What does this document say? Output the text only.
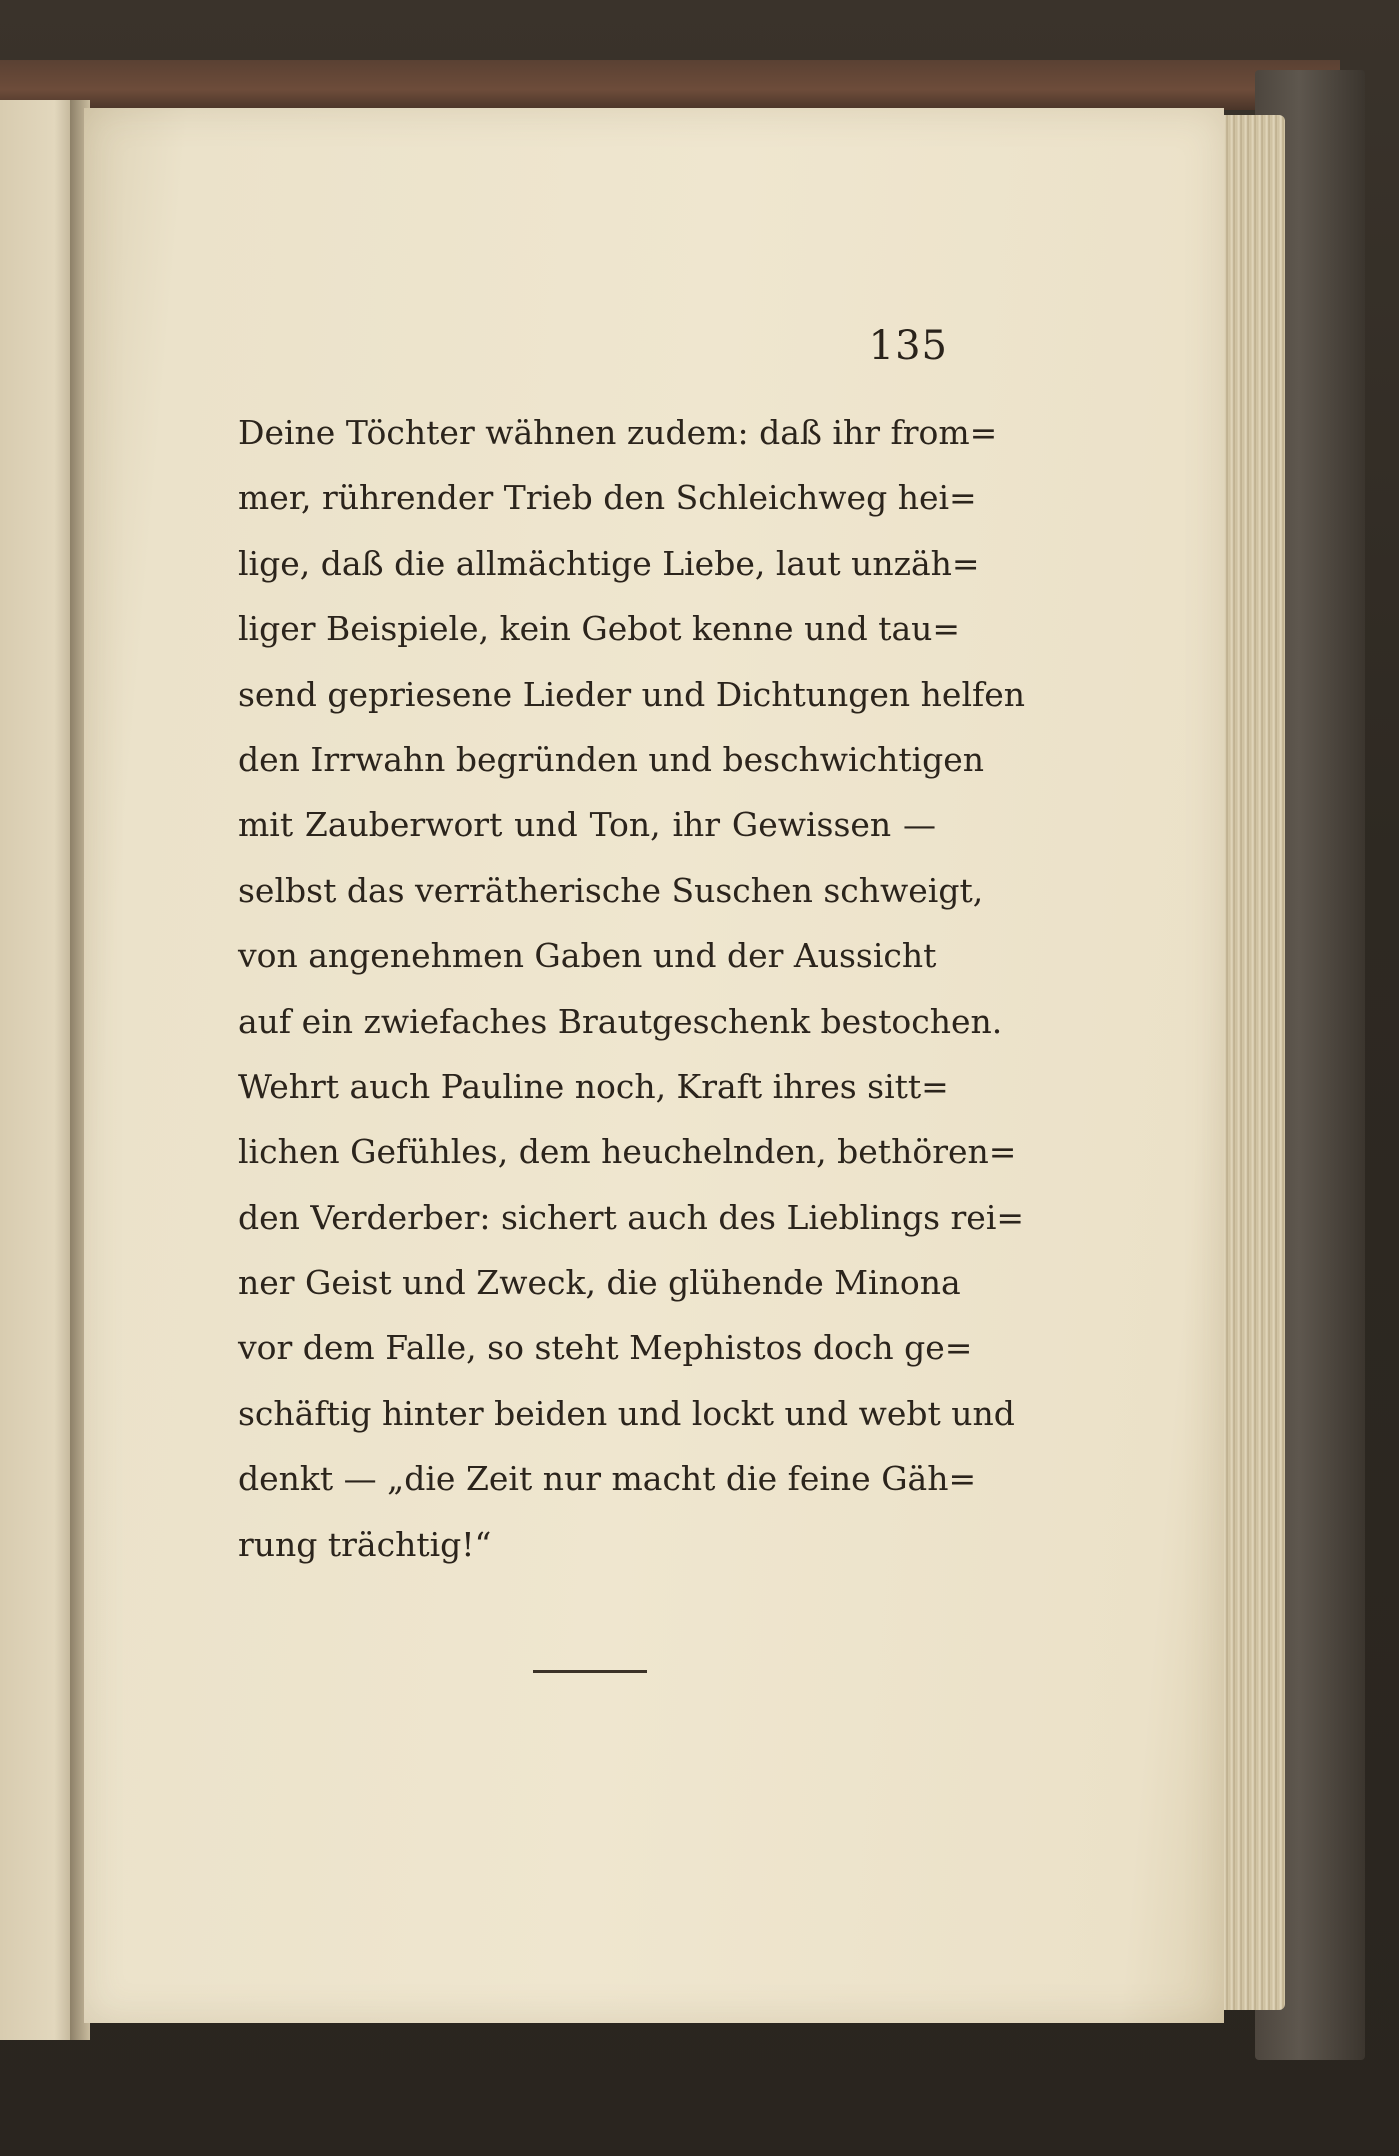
135
Deine Töchter wähnen zudem: daß ihr from=
mer, rührender Trieb den Schleichweg hei=
lige, daß die allmächtige Liebe, laut unzäh=
liger Beispiele, kein Gebot kenne und tau=
send gepriesene Lieder und Dichtungen helfen
den Irrwahn begründen und beschwichtigen
mit Zauberwort und Ton, ihr Gewissen —
selbst das verrätherische Suschen schweigt,
von angenehmen Gaben und der Aussicht
auf ein zwiefaches Brautgeschenk bestochen.
Wehrt auch Pauline noch, Kraft ihres sitt=
lichen Gefühles, dem heuchelnden, bethören=
den Verderber: sichert auch des Lieblings rei=
ner Geist und Zweck, die glühende Minona
vor dem Falle, so steht Mephistos doch ge=
schäftig hinter beiden und lockt und webt und
denkt — „die Zeit nur macht die feine Gäh=
rung trächtig!“
